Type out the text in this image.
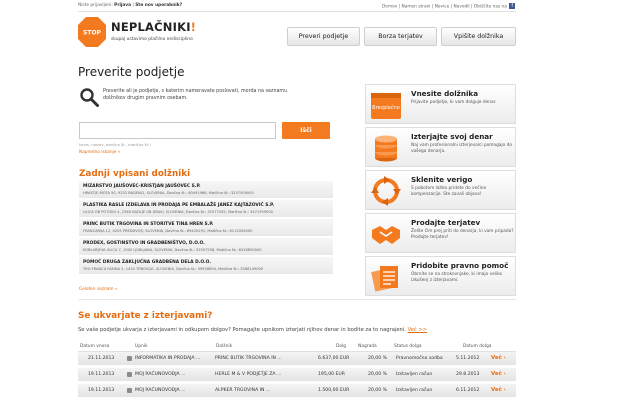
Niste prijavljeni: Prijava | Ste nov uporabnik?	Domov | Namen strani | Novice | Navodil | Obiščite nas na f
STOP NEPLAČNIKI!
skupaj ustavimo plačilno nedisciplino	Preveri podjetje	Borza terjatev	Vpišite dolžnika
Preverite podjetje
Preverite ali je podjetje, s katerim nameravate poslovati, morda na seznamu dolžnikov drugim pravnim osebam.
Išči
Iznos, naslov, davčna št., matična št.)
Napredno iskanje »
Zadnji vpisani dolžniki
MIZARSTVO JAUŠOVEC-KRISTJAN JAUŠOVEC S.P.
HRASTJE-MOTA 50, 9252 RADENCI, SLOVENIA, Davčna št.: 60491986, Matična št.: 3257509000
PLASTIKA RASLE IZDELAVA IN PRODAJA PE EMBALAŽE JANEZ KAJTAZOVIČ S.P.
ULICA OB POTOKU 4, 2360 RADLJE OB DRAVI, SLOVENIA, Davčna št.: 32577545, Matična št.: 3471959000
PRINC BUTIK TRGOVINA IN STORITVE TINA HREN S.P.
FRANCARIJA 12, 4205 PREDDVOR, SLOVENIA, Davčna št.: 89420291, Matična št.: 6112005000
PRODEX, GOSTINSTVO IN GRADBENIŠTVO, D.O.O.
KOBLARJEVA ULICA 7, 1000 LJUBLJANA, SLOVENIA, Davčna št.: 52597558, Matična št.: 6316850000
POMOČ DRUGA ZAKLJUČNA GRADBENA DELA D.O.O.
TRG FRANCA FAKINA 5, 1420 TRBOVLJE, SLOVENIA, Davčna št.: 99928894, Matična št.: 3368149000
Celoten seznam »
Brezplačno
Vnesite dolžnika
Prijavite podjetje, ki vam dolguje denar.
Izterjajte svoj denar
Naj vam profesionalni izterjevalci pomagajo do vašega denarja.
Sklenite verigo
S pobotom lahko pridete do večine kompenzacije. Ste zavali objavo!
Prodajte terjatev
Želite čim prej priti do denarja, ki vam pripada? Prodajte terjatev!
Pridobite pravno pomoč
Obrnite se na strokovnjake, ki imajo veliko izkušenj z izterjavami.
Se ukvarjate z izterjavami?
Se vaše podjetje ukvarja z izterjavami in odkupom dolgov? Pomagajte upnikom izterjati njihov denar in bodite za to nagrajeni. Več >>
Datum vnosa	Upnik	Dolžnik	Dolg	Nagrada	Status dolga	Datum dolga
21.11.2013	INFORMATIKA IN PRODAJA ...	PRINC BUTIK TRGOVINA IN ...	6.637,00 EUR	20,00 % Pravnomočna sodba	5.11.2012 Več ›
19.11.2013	MOJ RAČUNOVODJA ...	HERLE M & V PODJETJE ZA ...	195,00 EUR	20,00 % Izstavljen račun	29.8.2013 Več ›
19.11.2013	MOJ RAČUNOVODJA ...	ALPKER TRGOVINA IN ...	1.500,00 EUR	20,00 % Izstavljen račun	6.11.2012 Več ›
